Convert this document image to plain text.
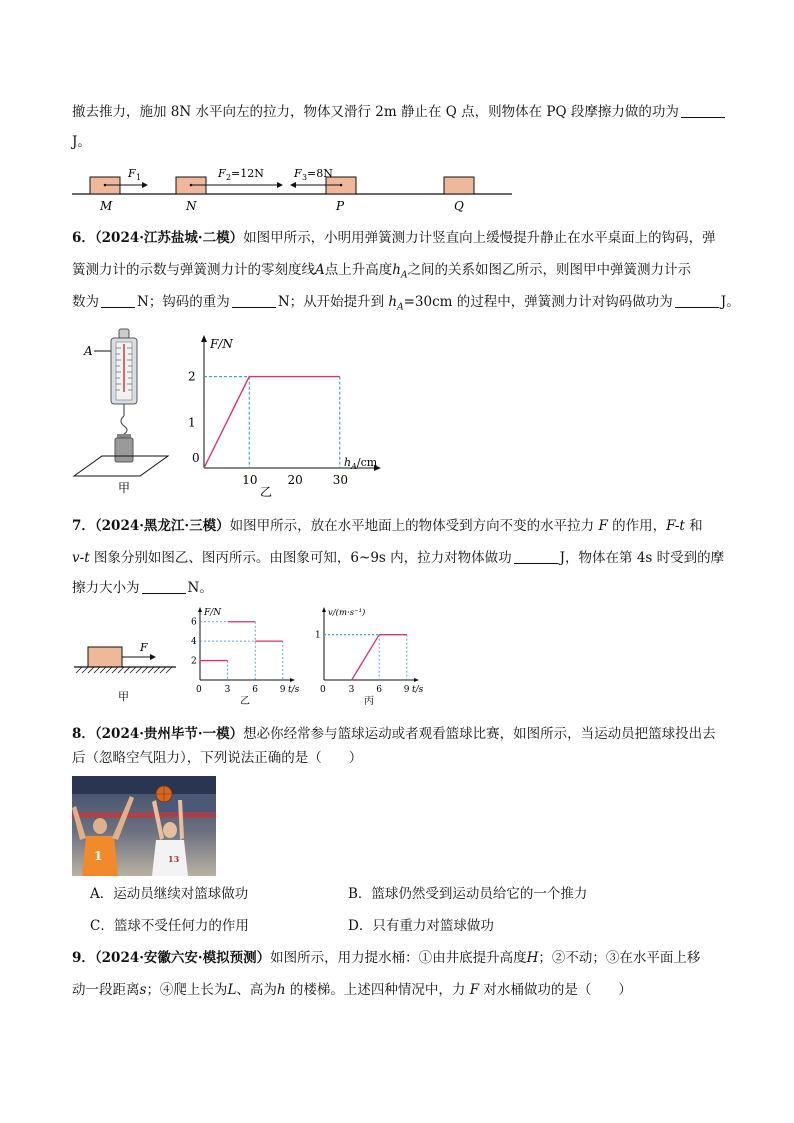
撤去推力，施加 8N 水平向左的拉力，物体又滑行 2m 静止在 Q 点，则物体在 PQ 段摩擦力做的功为
J。
F 1	F 2 =12N	F 3 =8N
M	N	P	Q
6．（2024·江苏盐城·二模）如图甲所示，小明用弹簧测力计竖直向上缓慢提升静止在水平桌面上的钩码，弹
簧测力计的示数与弹簧测力计的零刻度线A点上升高度$h_A$之间的关系如图乙所示，则图甲中弹簧测力计示
数为	N；钩码的重为	N；从开始提升到 $h_A=30cm$ 的过程中，弹簧测力计对钩码做功为	J。
A
甲
F/N
0
10 20 30
1
2
$h_A/cm$
乙
7．（2024·黑龙江·三模）如图甲所示，放在水平地面上的物体受到方向不变的水平拉力 F 的作用，F-t 和
v-t 图象分别如图乙、图丙所示。由图象可知，6~9s 内，拉力对物体做功	J，物体在第 4s 时受到的摩
擦力大小为	N。
F
甲
F/N
0	t/s
3 6 9
2
4
6
乙
v/(m·s⁻¹)
0	t/s
3 6 9
1
丙
8．（2024·贵州毕节·一模）想必你经常参与篮球运动或者观看篮球比赛，如图所示，当运动员把篮球投出去
后（忽略空气阻力），下列说法正确的是（　　）
1	13
A．运动员继续对篮球做功	B．篮球仍然受到运动员给它的一个推力
C．篮球不受任何力的作用	D．只有重力对篮球做功
9．（2024·安徽六安·模拟预测）如图所示，用力提水桶：①由井底提升高度H；②不动；③在水平面上移
动一段距离s；④爬上长为L、高为h 的楼梯。上述四种情况中，力 F 对水桶做功的是（　　）
